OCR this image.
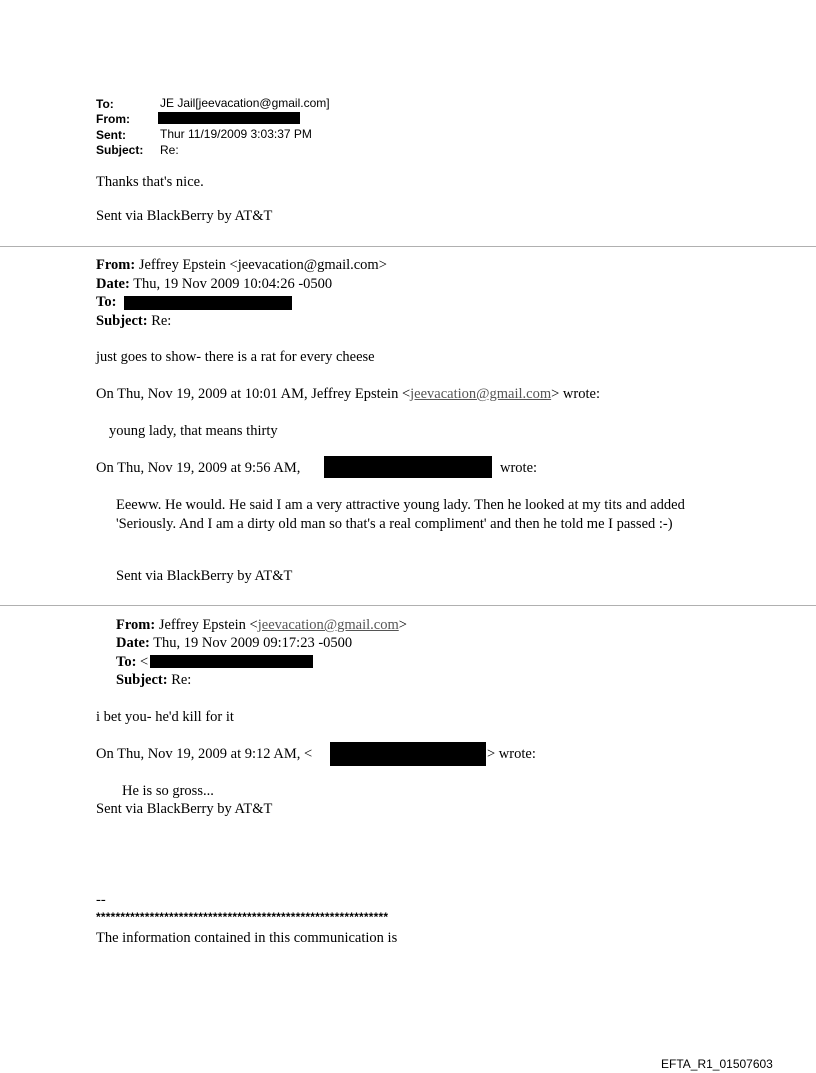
To:	JE Jail[jeevacation@gmail.com]
From:
Sent:	Thur 11/19/2009 3:03:37 PM
Subject: Re:
Thanks that's nice.
Sent via BlackBerry by AT&T
From: Jeffrey Epstein <jeevacation@gmail.com>
Date: Thu, 19 Nov 2009 10:04:26 -0500
To:
Subject: Re:
just goes to show- there is a rat for every cheese
On Thu, Nov 19, 2009 at 10:01 AM, Jeffrey Epstein <jeevacation@gmail.com> wrote:
young lady, that means thirty
On Thu, Nov 19, 2009 at 9:56 AM,	wrote:
Eeeww. He would. He said I am a very attractive young lady. Then he looked at my tits and added 'Seriously. And I am a dirty old man so that's a real compliment' and then he told me I passed :-)
Sent via BlackBerry by AT&T
From: Jeffrey Epstein <jeevacation@gmail.com>
Date: Thu, 19 Nov 2009 09:17:23 -0500
To: <
Subject: Re:
i bet you- he'd kill for it
On Thu, Nov 19, 2009 at 9:12 AM, <	> wrote:
He is so gross...
Sent via BlackBerry by AT&T
--
************************************************************
The information contained in this communication is
EFTA_R1_01507603
